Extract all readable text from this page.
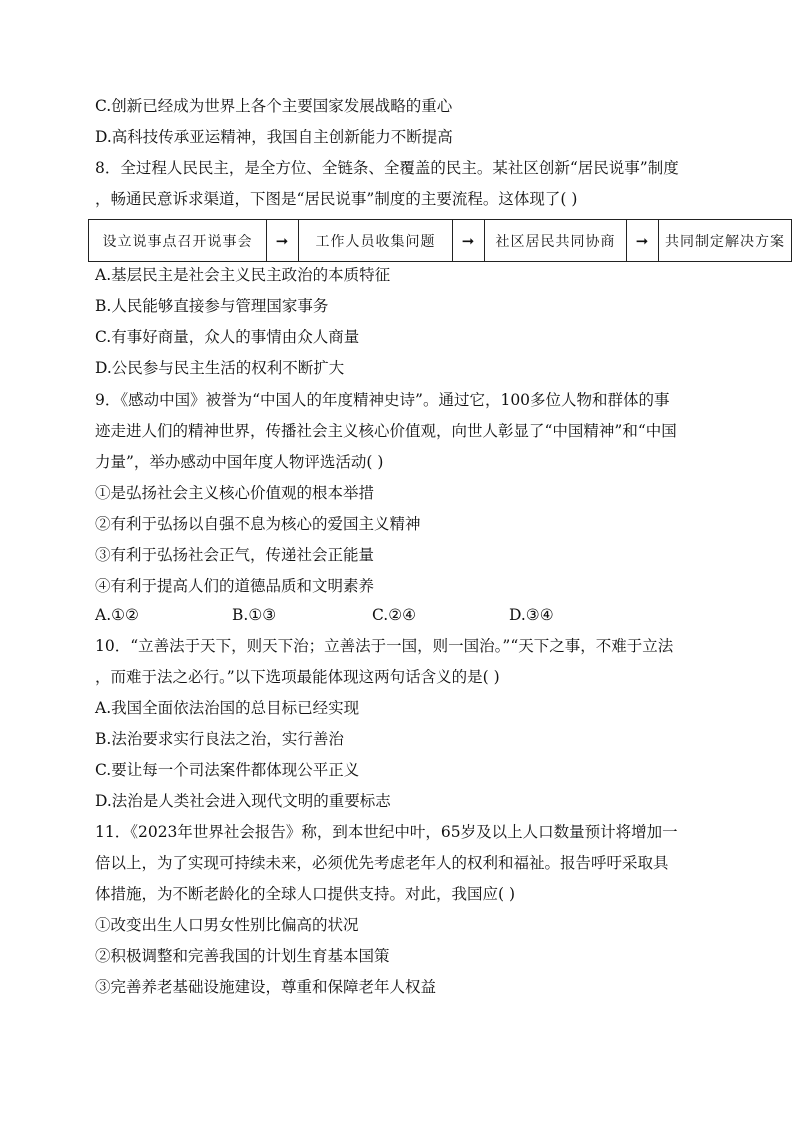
C.创新已经成为世界上各个主要国家发展战略的重心
D.高科技传承亚运精神，我国自主创新能力不断提高
8．全过程人民民主，是全方位、全链条、全覆盖的民主。某社区创新“居民说事”制度
，畅通民意诉求渠道，下图是“居民说事”制度的主要流程。这体现了( )
设立说事点召开说事会	➞	工作人员收集问题	➞	社区居民共同协商	➞	共同制定解决方案
A.基层民主是社会主义民主政治的本质特征
B.人民能够直接参与管理国家事务
C.有事好商量，众人的事情由众人商量
D.公民参与民主生活的权利不断扩大
9．《感动中国》被誉为“中国人的年度精神史诗”。通过它，100多位人物和群体的事
迹走进人们的精神世界，传播社会主义核心价值观，向世人彰显了“中国精神”和“中国
力量”，举办感动中国年度人物评选活动( )
①是弘扬社会主义核心价值观的根本举措
②有利于弘扬以自强不息为核心的爱国主义精神
③有利于弘扬社会正气，传递社会正能量
④有利于提高人们的道德品质和文明素养
A.①②	B.①③	C.②④	D.③④
10．“立善法于天下，则天下治；立善法于一国，则一国治。”“天下之事，不难于立法
，而难于法之必行。”以下选项最能体现这两句话含义的是( )
A.我国全面依法治国的总目标已经实现
B.法治要求实行良法之治，实行善治
C.要让每一个司法案件都体现公平正义
D.法治是人类社会进入现代文明的重要标志
11．《2023年世界社会报告》称，到本世纪中叶，65岁及以上人口数量预计将增加一
倍以上，为了实现可持续未来，必须优先考虑老年人的权利和福祉。报告呼吁采取具
体措施，为不断老龄化的全球人口提供支持。对此，我国应( )
①改变出生人口男女性别比偏高的状况
②积极调整和完善我国的计划生育基本国策
③完善养老基础设施建设，尊重和保障老年人权益
